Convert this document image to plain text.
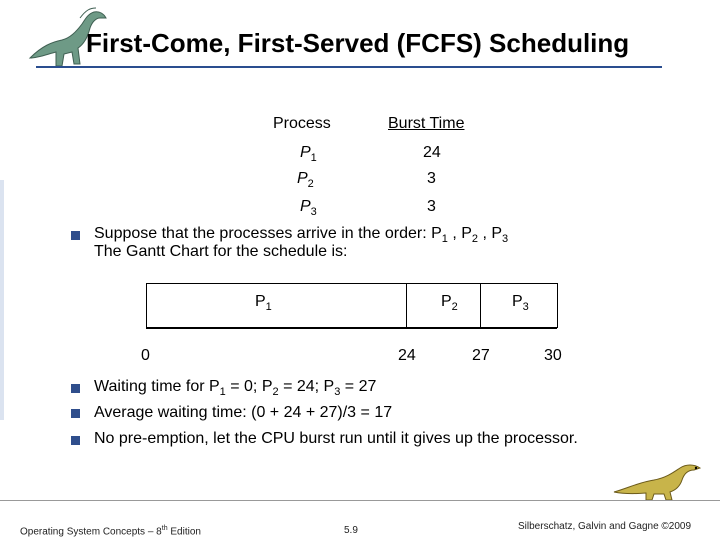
First-Come, First-Served (FCFS) Scheduling
Process	Burst Time
$P_1$	24
$P_2$	3
$P_3$	3
Suppose that the processes arrive in the order: $P_1$ , $P_2$ , $P_3$
The Gantt Chart for the schedule is:
$P_1$	$P_2$	$P_3$
0	24	27	30
Waiting time for $P_1 = 0$; $P_2 = 24$; $P_3 = 27$
Average waiting time: (0 + 24 + 27)/3 = 17
No pre-emption, let the CPU burst run until it gives up the processor.
Operating System Concepts – 8th Edition	5.9	Silberschatz, Galvin and Gagne ©2009
